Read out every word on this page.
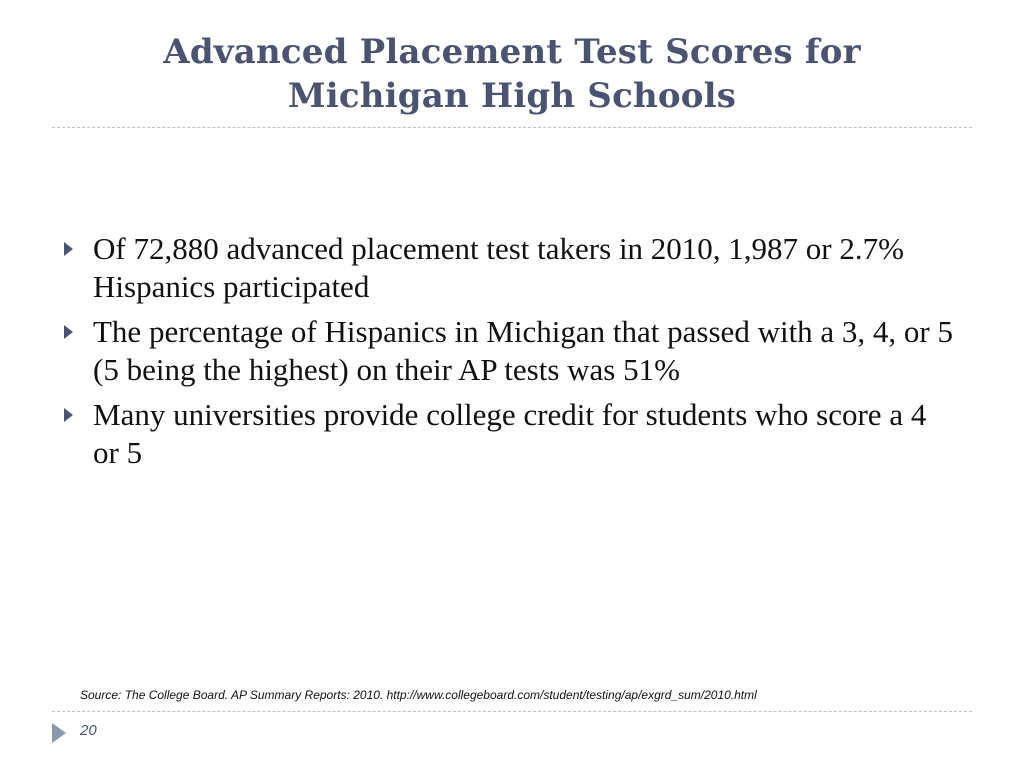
Advanced Placement Test Scores for
Michigan High Schools
Of 72,880 advanced placement test takers in 2010, 1,987 or 2.7% Hispanics participated
The percentage of Hispanics in Michigan that passed with a 3, 4, or 5 (5 being the highest) on their AP tests was 51%
Many universities provide college credit for students who score a 4 or 5
Source: The College Board. AP Summary Reports: 2010. http://www.collegeboard.com/student/testing/ap/exgrd_sum/2010.html
20
